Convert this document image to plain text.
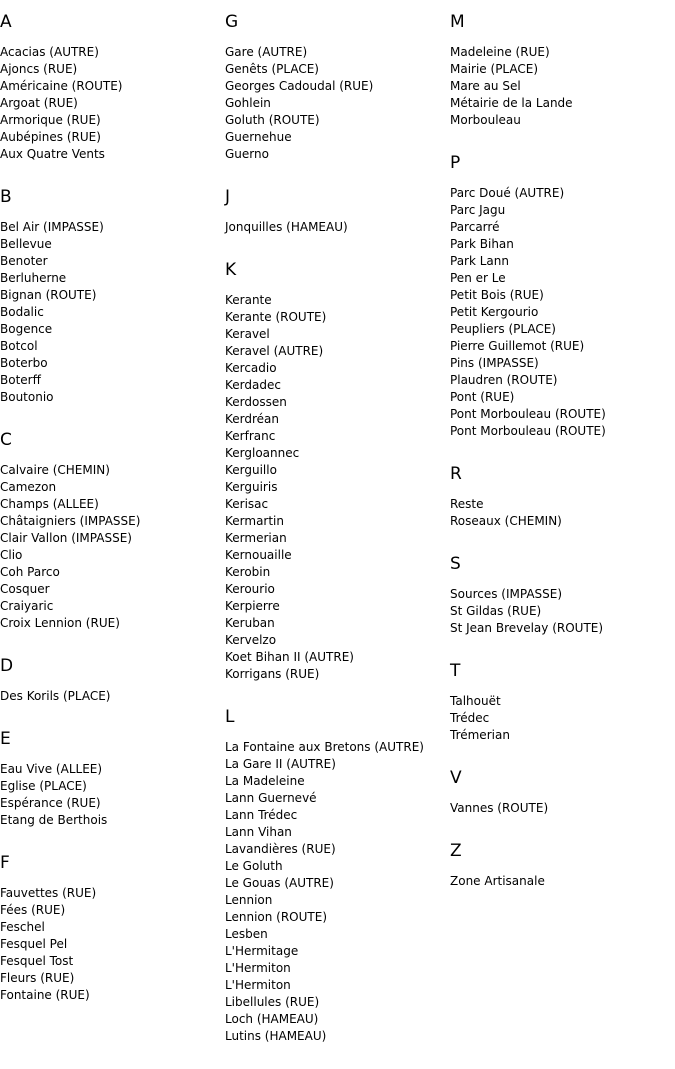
A
Acacias (AUTRE)
Ajoncs (RUE)
Américaine (ROUTE)
Argoat (RUE)
Armorique (RUE)
Aubépines (RUE)
Aux Quatre Vents
B
Bel Air (IMPASSE)
Bellevue
Benoter
Berluherne
Bignan (ROUTE)
Bodalic
Bogence
Botcol
Boterbo
Boterff
Boutonio
C
Calvaire (CHEMIN)
Camezon
Champs (ALLEE)
Châtaigniers (IMPASSE)
Clair Vallon (IMPASSE)
Clio
Coh Parco
Cosquer
Craiyaric
Croix Lennion (RUE)
D
Des Korils (PLACE)
E
Eau Vive (ALLEE)
Eglise (PLACE)
Espérance (RUE)
Etang de Berthois
F
Fauvettes (RUE)
Fées (RUE)
Feschel
Fesquel Pel
Fesquel Tost
Fleurs (RUE)
Fontaine (RUE)
G
Gare (AUTRE)
Genêts (PLACE)
Georges Cadoudal (RUE)
Gohlein
Goluth (ROUTE)
Guernehue
Guerno
J
Jonquilles (HAMEAU)
K
Kerante
Kerante (ROUTE)
Keravel
Keravel (AUTRE)
Kercadio
Kerdadec
Kerdossen
Kerdréan
Kerfranc
Kergloannec
Kerguillo
Kerguiris
Kerisac
Kermartin
Kermerian
Kernouaille
Kerobin
Kerourio
Kerpierre
Keruban
Kervelzo
Koet Bihan II (AUTRE)
Korrigans (RUE)
L
La Fontaine aux Bretons (AUTRE)
La Gare II (AUTRE)
La Madeleine
Lann Guernevé
Lann Trédec
Lann Vihan
Lavandières (RUE)
Le Goluth
Le Gouas (AUTRE)
Lennion
Lennion (ROUTE)
Lesben
L'Hermitage
L'Hermiton
L'Hermiton
Libellules (RUE)
Loch (HAMEAU)
Lutins (HAMEAU)
M
Madeleine (RUE)
Mairie (PLACE)
Mare au Sel
Métairie de la Lande
Morbouleau
P
Parc Doué (AUTRE)
Parc Jagu
Parcarré
Park Bihan
Park Lann
Pen er Le
Petit Bois (RUE)
Petit Kergourio
Peupliers (PLACE)
Pierre Guillemot (RUE)
Pins (IMPASSE)
Plaudren (ROUTE)
Pont (RUE)
Pont Morbouleau (ROUTE)
Pont Morbouleau (ROUTE)
R
Reste
Roseaux (CHEMIN)
S
Sources (IMPASSE)
St Gildas (RUE)
St Jean Brevelay (ROUTE)
T
Talhouët
Trédec
Trémerian
V
Vannes (ROUTE)
Z
Zone Artisanale
